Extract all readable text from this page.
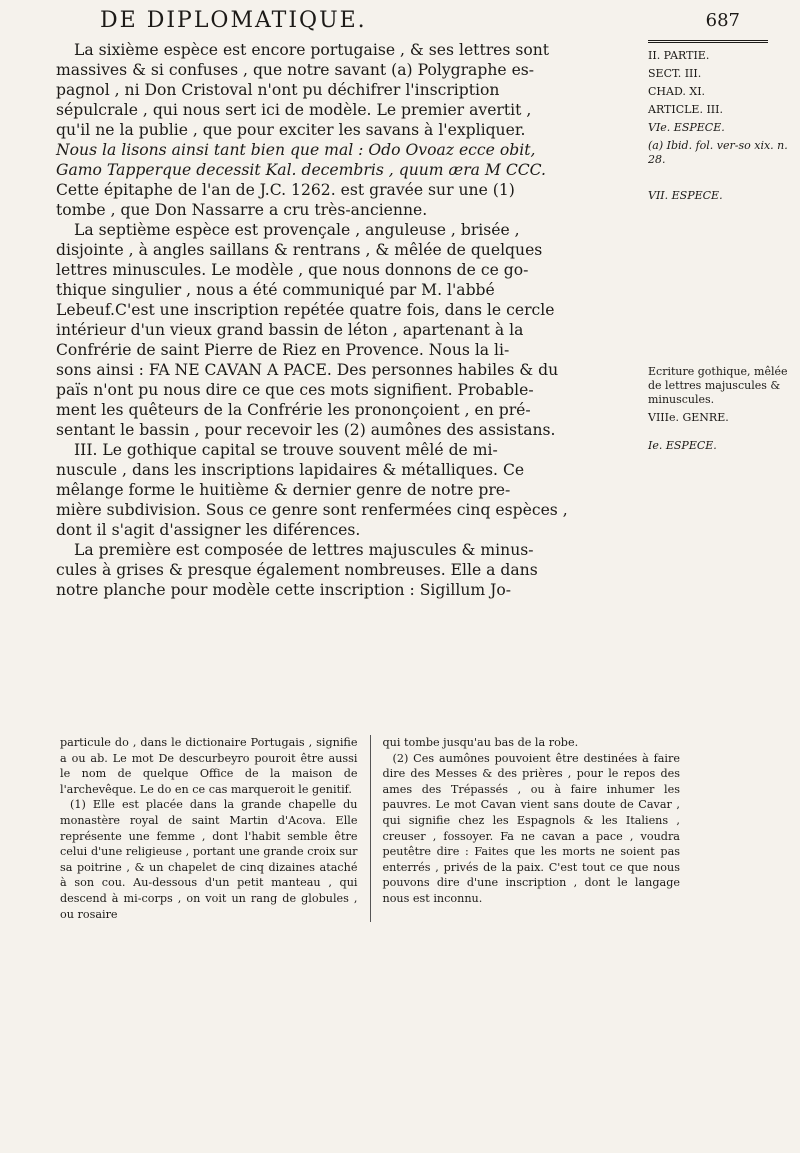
DE DIPLOMATIQUE.	687

La sixième espèce est encore portugaise , & ses lettres sont

massives & si confuses , que notre savant (a) Polygraphe es-
pagnol , ni Don Cristoval n'ont pu déchifrer l'inscription
sépulcrale , qui nous sert ici de modèle. Le premier avertit ,
qu'il ne la publie , que pour exciter les savans à l'expliquer.
Nous la lisons ainsi tant bien que mal : Odo Ovoaz ecce obit,
Gamo Tapperque decessit Kal. decembris , quum æra M CCC.
Cette épitaphe de l'an de J.C. 1262. est gravée sur une (1)
tombe , que Don Nassarre a cru très-ancienne.

La septième espèce est provençale , anguleuse , brisée ,

disjointe , à angles saillans & rentrans , & mêlée de quelques
lettres minuscules. Le modèle , que nous donnons de ce go-
thique singulier , nous a été communiqué par M. l'abbé
Lebeuf.C'est une inscription repétée quatre fois, dans le cercle
intérieur d'un vieux grand bassin de léton , apartenant à la
Confrérie de saint Pierre de Riez en Provence. Nous la li-
sons ainsi : FA NE CAVAN A PACE. Des personnes habiles & du
païs n'ont pu nous dire ce que ces mots signifient. Probable-
ment les quêteurs de la Confrérie les prononçoient , en pré-
sentant le bassin , pour recevoir les (2) aumônes des assistans.

III. Le gothique capital se trouve souvent mêlé de mi-

nuscule , dans les inscriptions lapidaires & métalliques. Ce
mêlange forme le huitième & dernier genre de notre pre-
mière subdivision. Sous ce genre sont renfermées cinq espèces ,
dont il s'agit d'assigner les diférences.

La première est composée de lettres majuscules & minus-

cules à grises & presque également nombreuses. Elle a dans
notre planche pour modèle cette inscription : Sigillum Jo-
II. PARTIE.
SECT. III.
CHAD. XI.
ARTICLE. III.
VIe. ESPECE.
(a) Ibid. fol. ver-so xix. n. 28.
VII. ESPECE.
Ecriture gothique, mêlée de lettres majuscules & minuscules.
VIIIe. GENRE.
Ie. ESPECE.

particule do , dans le dictionaire Portugais , signifie a ou ab. Le mot De descurbeyro pouroit être aussi le nom de quelque Office de la maison de l'archevêque. Le do en ce cas marqueroit le genitif.

(1) Elle est placée dans la grande chapelle du monastère royal de saint Martin d'Acova. Elle représente une femme , dont l'habit semble être celui d'une religieuse , portant une grande croix sur sa poitrine , & un chapelet de cinq dizaines ataché à son cou. Au-dessous d'un petit manteau , qui descend à mi-corps , on voit un rang de globules , ou rosaire

qui tombe jusqu'au bas de la robe.

(2) Ces aumônes pouvoient être destinées à faire dire des Messes & des prières , pour le repos des ames des Trépassés , ou à faire inhumer les pauvres. Le mot Cavan vient sans doute de Cavar , qui signifie chez les Espagnols & les Italiens , creuser , fossoyer. Fa ne cavan a pace , voudra peutêtre dire : Faites que les morts ne soient pas enterrés , privés de la paix. C'est tout ce que nous pouvons dire d'une inscription , dont le langage nous est inconnu.
